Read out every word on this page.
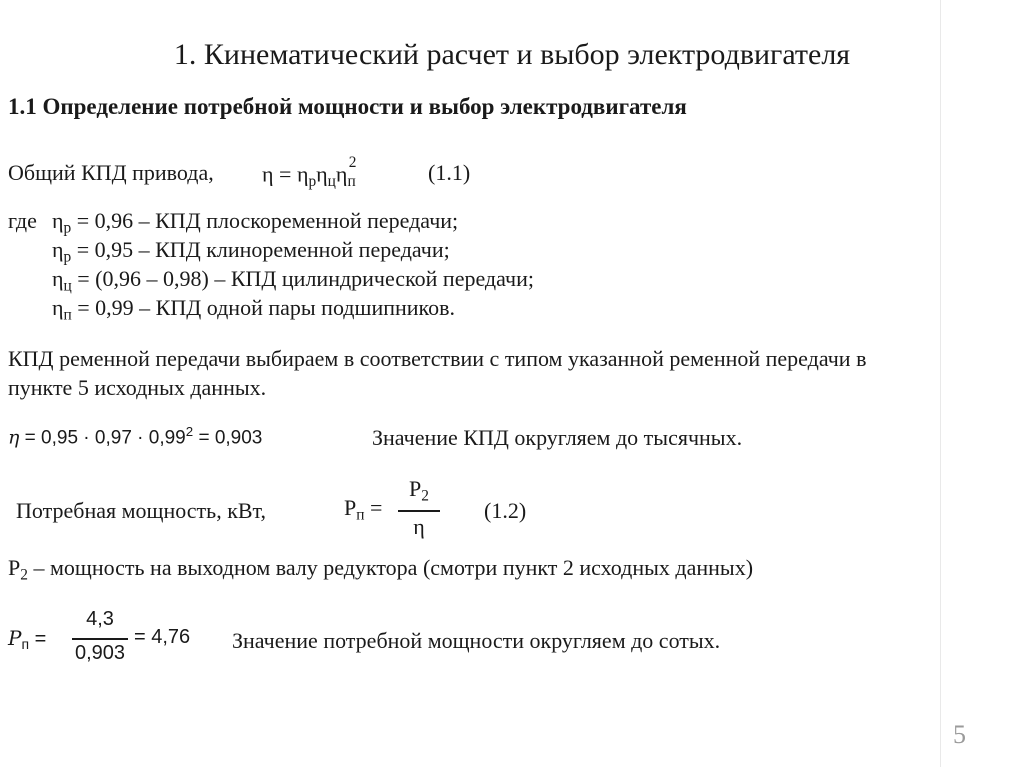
1. Кинематический расчет и выбор электродвигателя
1.1 Определение потребной мощности и выбор электродвигателя
Общий КПД привода, $\eta = \eta_р\eta_ц\eta_п^2$	(1.1)
где $\eta_р = 0,96$ – КПД плоскоременной передачи;
$\eta_р = 0,95$ – КПД клиноременной передачи;
$\eta_ц = (0,96 - 0,98)$ – КПД цилиндрической передачи;
$\eta_п = 0,99$ – КПД одной пары подшипников.
КПД ременной передачи выбираем в соответствии с типом указанной ременной передачи в
пункте 5 исходных данных.
$\eta = 0,95 \cdot 0,97 \cdot 0,99^2 = 0,903$	Значение КПД округляем до тысячных.
Потребная мощность, кВт,	$P_п$ =
$P_2$
η
(1.2)
$P_2$ – мощность на выходном валу редуктора (смотри пункт 2 исходных данных)
$P_п$ =
4,3
0,903
= 4,76 Значение потребной мощности округляем до сотых.
5
